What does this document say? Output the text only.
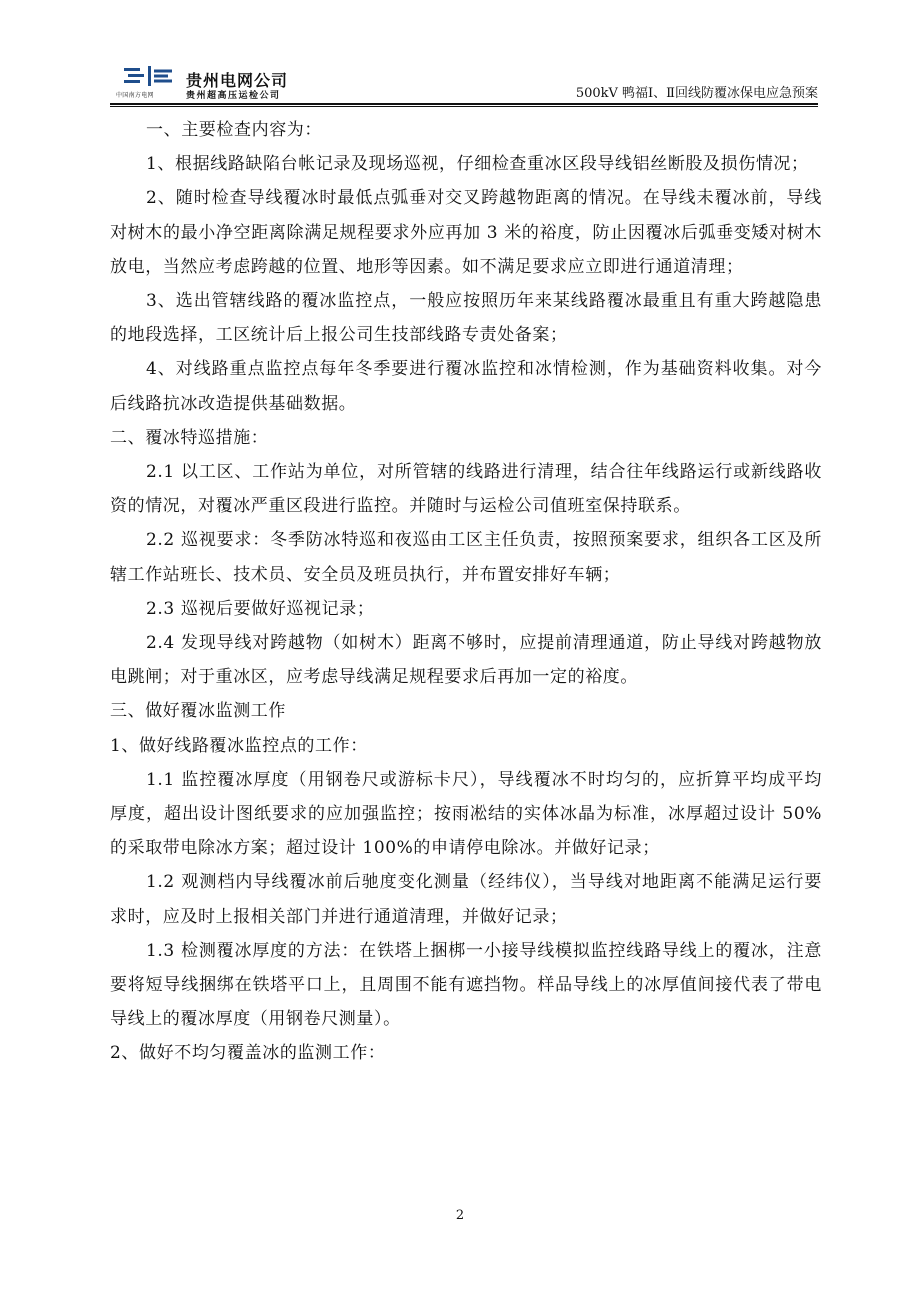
贵州电网公司
中国南方电网	贵州超高压运检公司	500kV 鸭福Ⅰ、Ⅱ回线防覆冰保电应急预案

一、主要检查内容为：

1、根据线路缺陷台帐记录及现场巡视，仔细检查重冰区段导线铝丝断股及损伤情况；

2、随时检查导线覆冰时最低点弧垂对交叉跨越物距离的情况。在导线未覆冰前，导线对树木的最小净空距离除满足规程要求外应再加 3 米的裕度，防止因覆冰后弧垂变矮对树木放电，当然应考虑跨越的位置、地形等因素。如不满足要求应立即进行通道清理；

3、选出管辖线路的覆冰监控点，一般应按照历年来某线路覆冰最重且有重大跨越隐患的地段选择，工区统计后上报公司生技部线路专责处备案；

4、对线路重点监控点每年冬季要进行覆冰监控和冰情检测，作为基础资料收集。对今后线路抗冰改造提供基础数据。

二、覆冰特巡措施：

2.1 以工区、工作站为单位，对所管辖的线路进行清理，结合往年线路运行或新线路收资的情况，对覆冰严重区段进行监控。并随时与运检公司值班室保持联系。

2.2 巡视要求：冬季防冰特巡和夜巡由工区主任负责，按照预案要求，组织各工区及所辖工作站班长、技术员、安全员及班员执行，并布置安排好车辆；

2.3 巡视后要做好巡视记录；

2.4 发现导线对跨越物（如树木）距离不够时，应提前清理通道，防止导线对跨越物放电跳闸；对于重冰区，应考虑导线满足规程要求后再加一定的裕度。

三、做好覆冰监测工作

1、做好线路覆冰监控点的工作：

1.1 监控覆冰厚度（用钢卷尺或游标卡尺），导线覆冰不时均匀的，应折算平均成平均厚度，超出设计图纸要求的应加强监控；按雨凇结的实体冰晶为标准，冰厚超过设计 50%的采取带电除冰方案；超过设计 100%的申请停电除冰。并做好记录；

1.2 观测档内导线覆冰前后驰度变化测量（经纬仪），当导线对地距离不能满足运行要求时，应及时上报相关部门并进行通道清理，并做好记录；

1.3 检测覆冰厚度的方法：在铁塔上捆梆一小接导线模拟监控线路导线上的覆冰，注意要将短导线捆绑在铁塔平口上，且周围不能有遮挡物。样品导线上的冰厚值间接代表了带电导线上的覆冰厚度（用钢卷尺测量）。

2、做好不均匀覆盖冰的监测工作：

2
